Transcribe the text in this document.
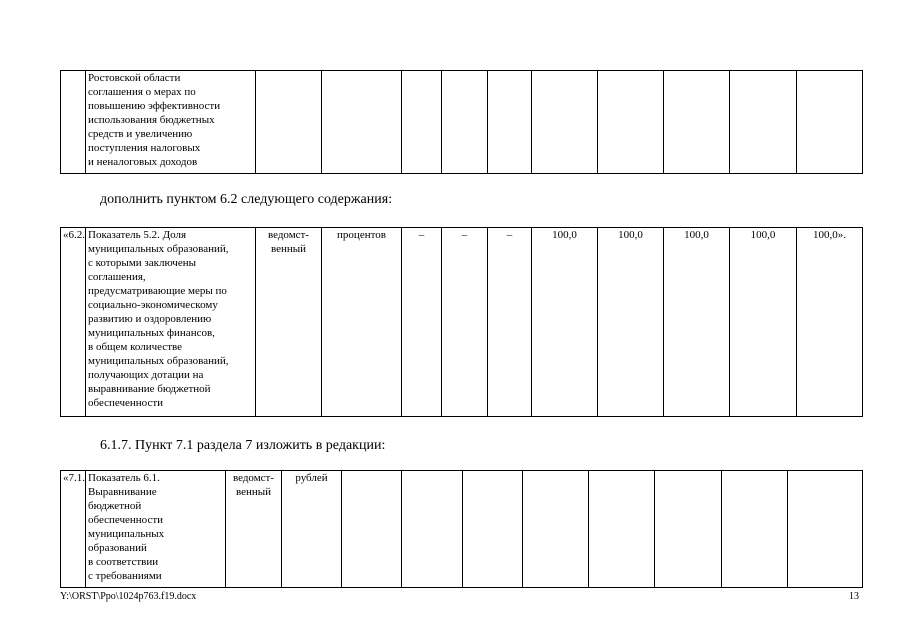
	Ростовской области
соглашения о мерах по
повышению эффективности
использования бюджетных
средств и увеличению
поступления налоговых
и неналоговых доходов										
дополнить пунктом 6.2 следующего содержания:
«6.2.	Показатель 5.2. Доля
муниципальных образований,
с которыми заключены
соглашения,
предусматривающие меры по
социально-экономическому
развитию и оздоровлению
муниципальных финансов,
в общем количестве
муниципальных образований,
получающих дотации на
выравнивание бюджетной
обеспеченности	ведомст-
венный	процентов	–	–	–	100,0	100,0	100,0	100,0	100,0».
6.1.7. Пункт 7.1 раздела 7 изложить в редакции:
«7.1.	Показатель 6.1.
Выравнивание
бюджетной
обеспеченности
муниципальных
образований
в соответствии
с требованиями	ведомст-
венный	рублей								
Y:\ORST\Ppo\1024p763.f19.docx	13
